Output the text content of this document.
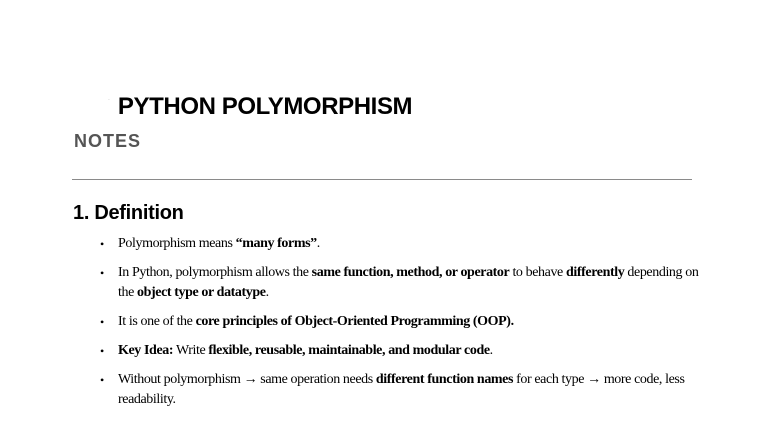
· PYTHON POLYMORPHISM
NOTES
1. Definition
• Polymorphism means “many forms”.
• In Python, polymorphism allows the same function, method, or operator to behave differently depending on the object type or datatype.
• It is one of the core principles of Object-Oriented Programming (OOP).
• Key Idea: Write flexible, reusable, maintainable, and modular code.
• Without polymorphism → same operation needs different function names for each type → more code, less readability.
